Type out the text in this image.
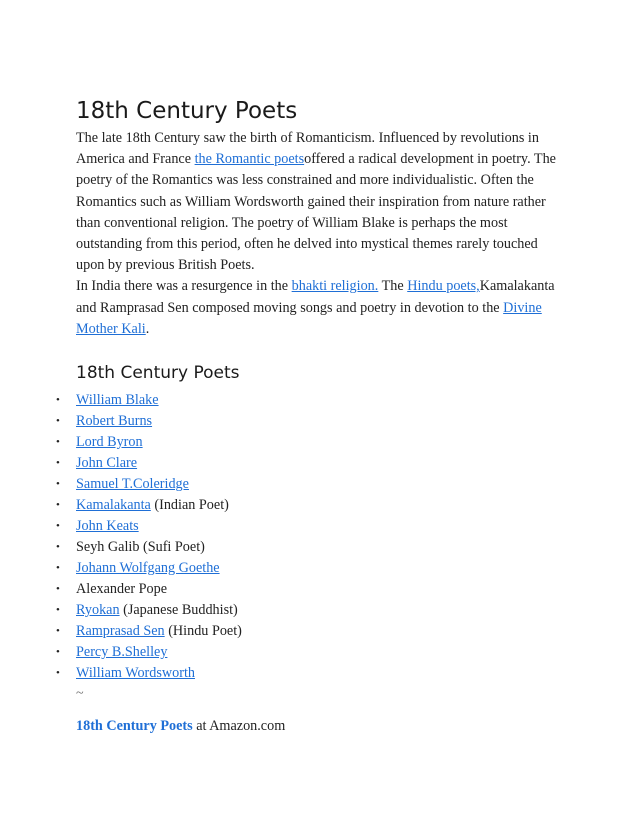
18th Century Poets

The late 18th Century saw the birth of Romanticism. Influenced by revolutions in America and France the Romantic poetsoffered a radical development in poetry. The poetry of the Romantics was less constrained and more individualistic. Often the Romantics such as William Wordsworth gained their inspiration from nature rather than conventional religion. The poetry of William Blake is perhaps the most outstanding from this period, often he delved into mystical themes rarely touched upon by previous British Poets.

In India there was a resurgence in the bhakti religion. The Hindu poets,Kamalakanta and Ramprasad Sen composed moving songs and poetry in devotion to the Divine Mother Kali.

18th Century Poets
• William Blake
• Robert Burns
• Lord Byron
• John Clare
• Samuel T.Coleridge
• Kamalakanta (Indian Poet)
• John Keats
• Seyh Galib (Sufi Poet)
• Johann Wolfgang Goethe
• Alexander Pope
• Ryokan (Japanese Buddhist)
• Ramprasad Sen (Hindu Poet)
• Percy B.Shelley
• William Wordsworth
~

18th Century Poets at Amazon.com
